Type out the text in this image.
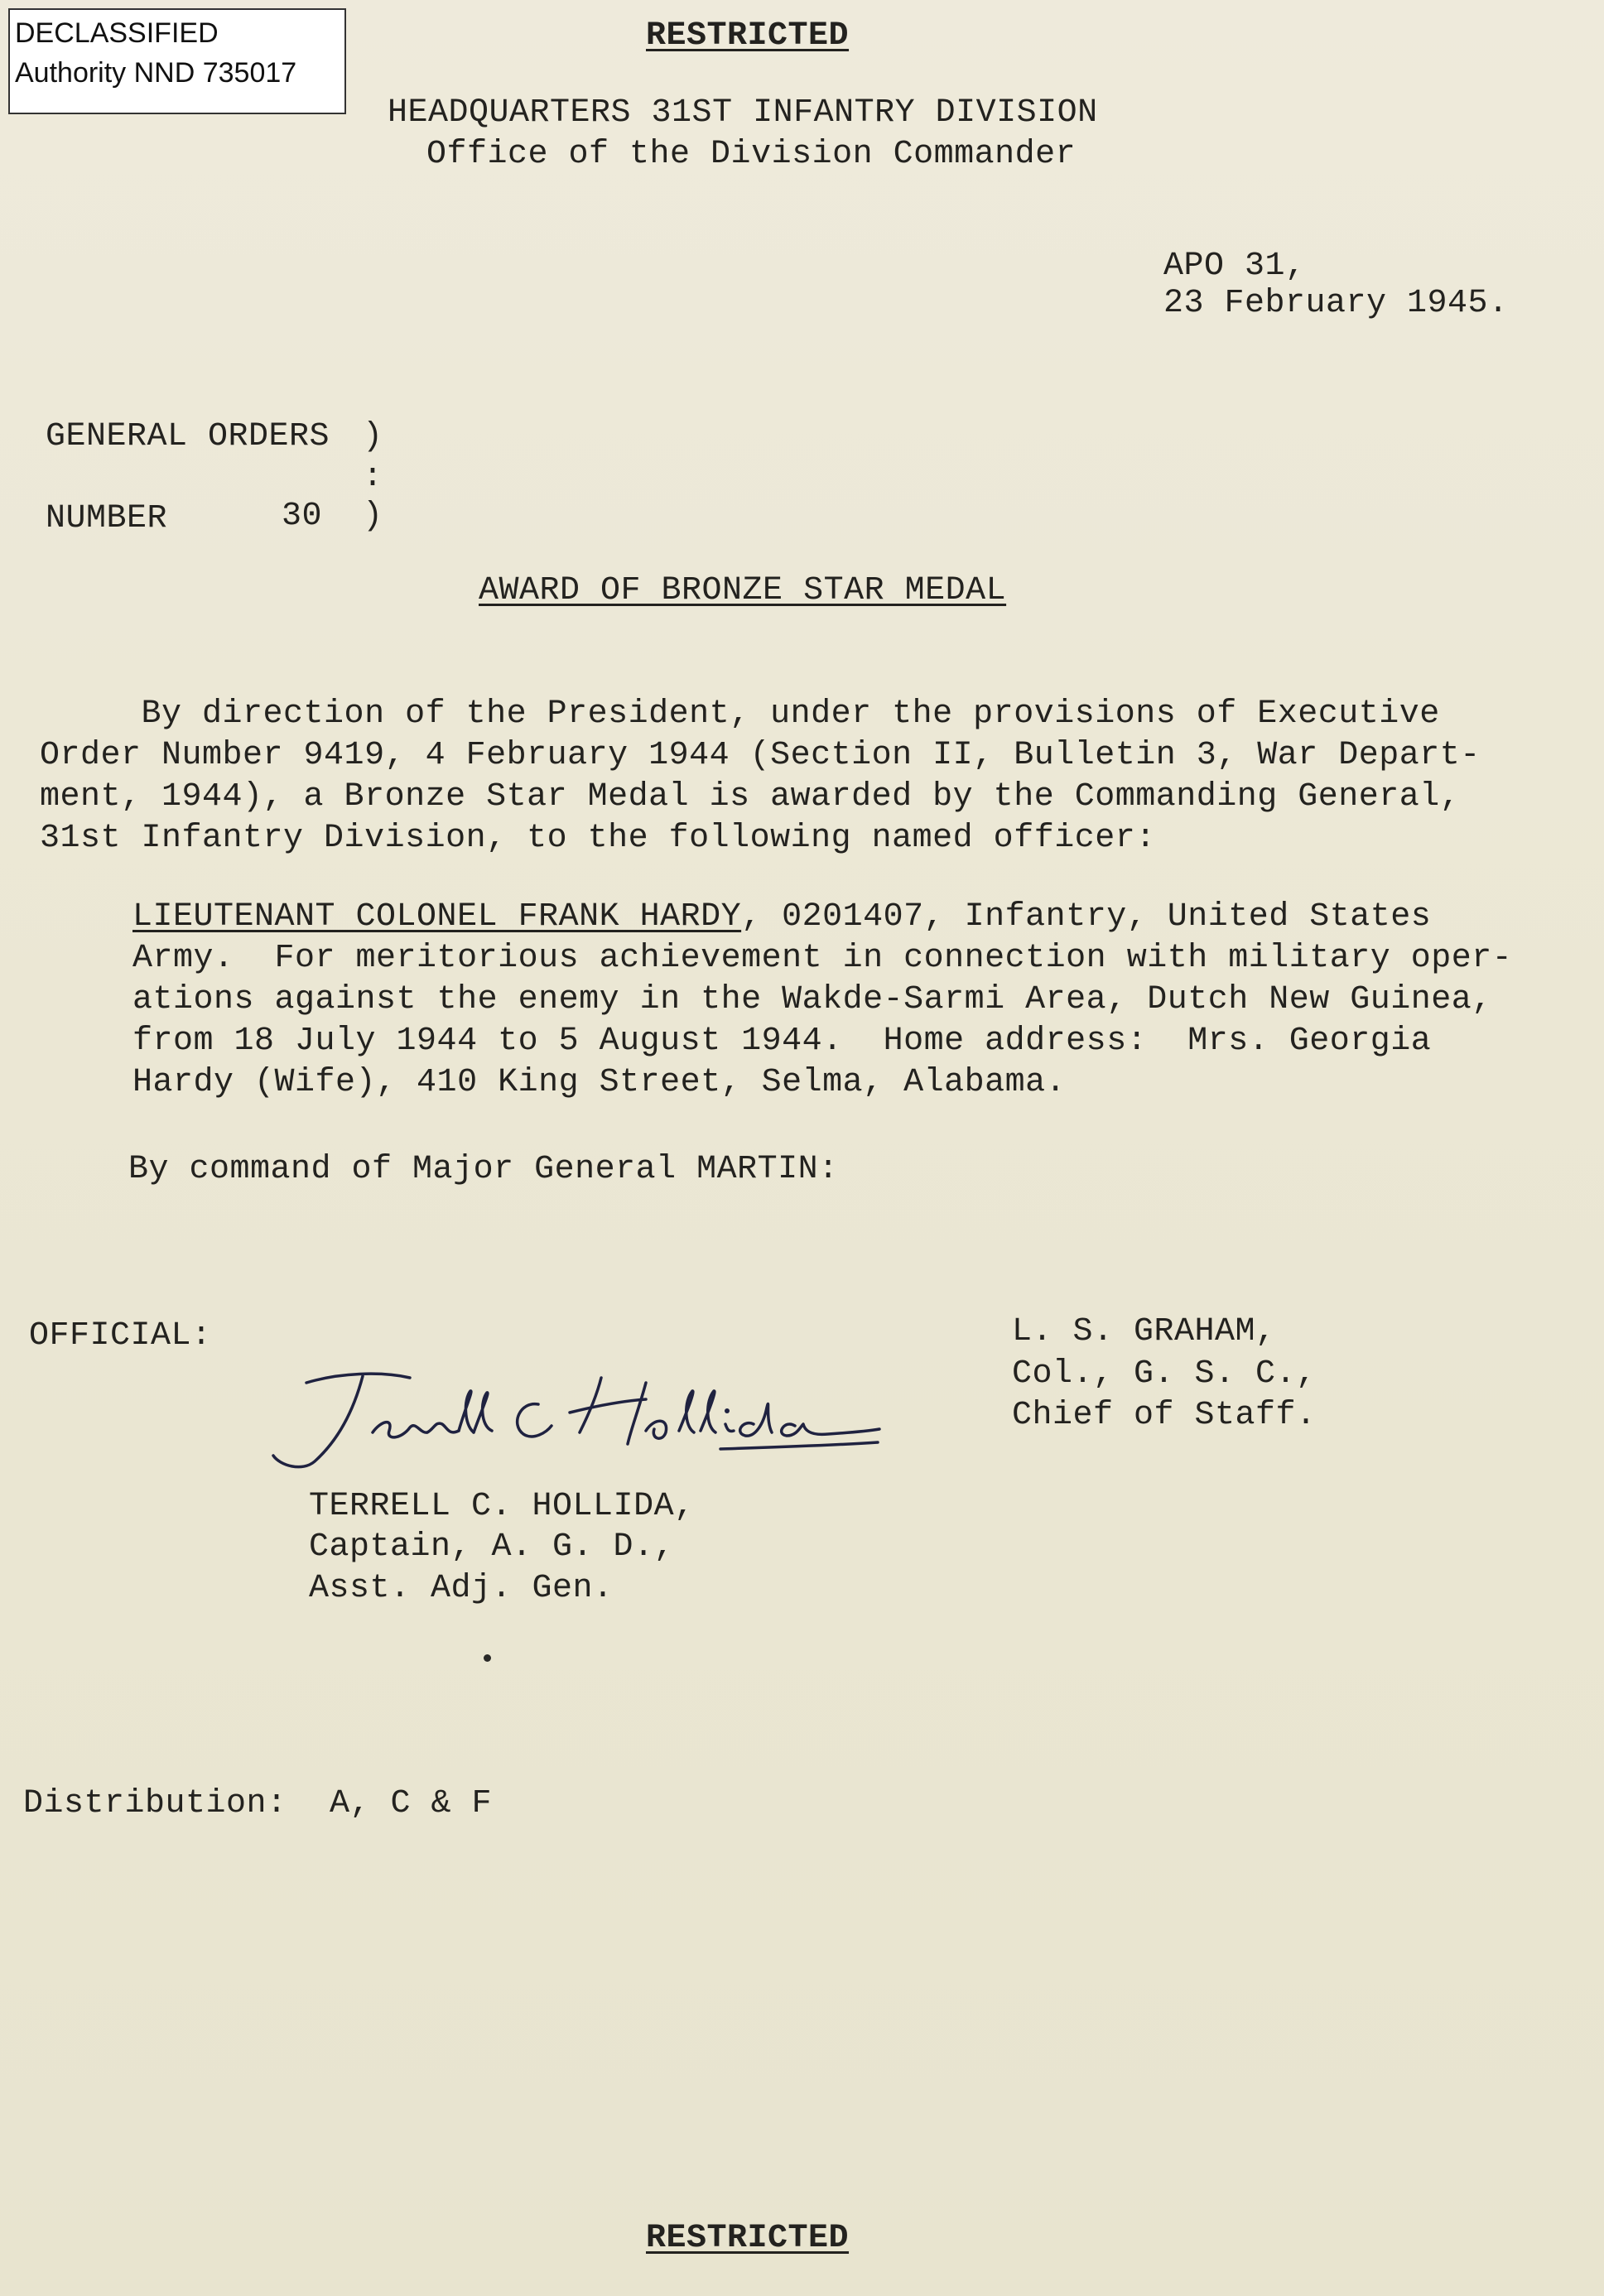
DECLASSIFIED
Authority NND 735017
RESTRICTED
HEADQUARTERS 31ST INFANTRY DIVISION
Office of the Division Commander
APO 31,
23 February 1945.
GENERAL ORDERS )
:
NUMBER	30 )
AWARD OF BRONZE STAR MEDAL

By direction of the President, under the provisions of Executive

Order Number 9419, 4 February 1944 (Section II, Bulletin 3, War Depart-

ment, 1944), a Bronze Star Medal is awarded by the Commanding General,

31st Infantry Division, to the following named officer:

LIEUTENANT COLONEL FRANK HARDY, 0201407, Infantry, United States

Army.  For meritorious achievement in connection with military oper-

ations against the enemy in the Wakde-Sarmi Area, Dutch New Guinea,

from 18 July 1944 to 5 August 1944.  Home address:  Mrs. Georgia

Hardy (Wife), 410 King Street, Selma, Alabama.

By command of Major General MARTIN:
OFFICIAL:	L. S. GRAHAM,
Col., G. S. C.,
Chief of Staff.
TERRELL C. HOLLIDA,
Captain, A. G. D.,
Asst. Adj. Gen.
Distribution: A, C & F
RESTRICTED
